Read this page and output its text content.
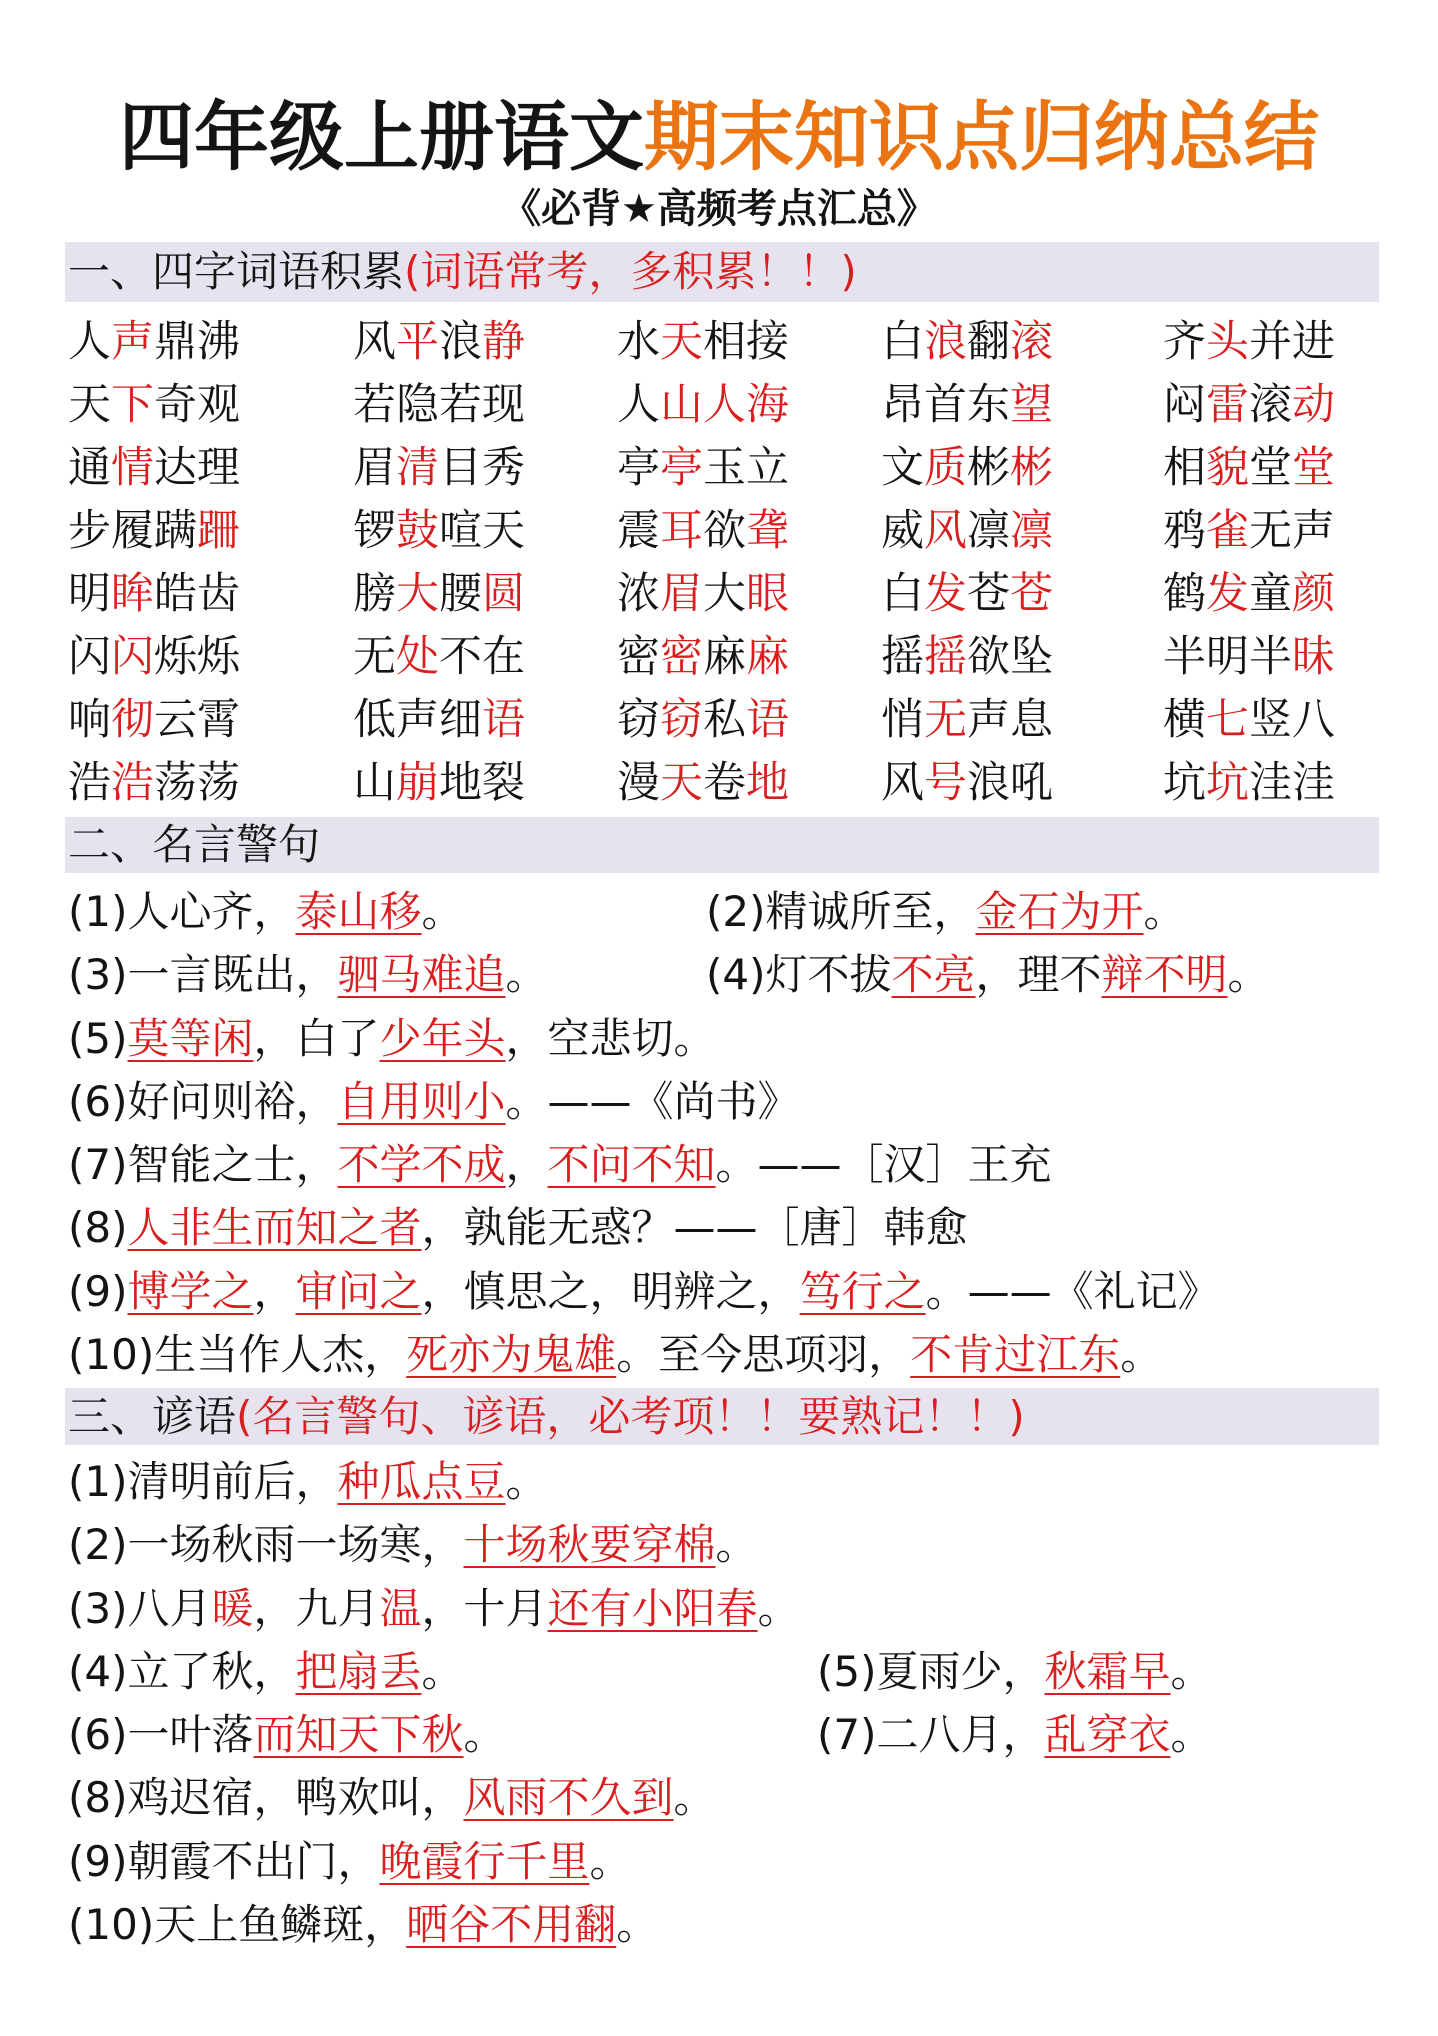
四年级上册语文期末知识点归纳总结
《必背★高频考点汇总》
一、四字词语积累(词语常考，多积累！！)
人声鼎沸	风平浪静	水天相接	白浪翻滚	齐头并进
天下奇观	若隐若现	人山人海	昂首东望	闷雷滚动
通情达理	眉清目秀	亭亭玉立	文质彬彬	相貌堂堂
步履蹒跚	锣鼓喧天	震耳欲聋	威风凛凛	鸦雀无声
明眸皓齿	膀大腰圆	浓眉大眼	白发苍苍	鹤发童颜
闪闪烁烁	无处不在	密密麻麻	摇摇欲坠	半明半昧
响彻云霄	低声细语	窃窃私语	悄无声息	横七竖八
浩浩荡荡	山崩地裂	漫天卷地	风号浪吼	坑坑洼洼
二、名言警句
(1)人心齐，泰山移。	(2)精诚所至，金石为开。
(3)一言既出，驷马难追。	(4)灯不拔不亮，理不辩不明。
(5)莫等闲，白了少年头，空悲切。
(6)好问则裕，自用则小。——《尚书》
(7)智能之士，不学不成，不问不知。——［汉］王充
(8)人非生而知之者，孰能无惑？——［唐］韩愈
(9)博学之，审问之，慎思之，明辨之，笃行之。——《礼记》
(10)生当作人杰，死亦为鬼雄。至今思项羽，不肯过江东。
三、谚语(名言警句、谚语，必考项！！要熟记！！)
(1)清明前后，种瓜点豆。
(2)一场秋雨一场寒，十场秋要穿棉。
(3)八月暖，九月温，十月还有小阳春。
(4)立了秋，把扇丢。	(5)夏雨少，秋霜早。
(6)一叶落而知天下秋。	(7)二八月，乱穿衣。
(8)鸡迟宿，鸭欢叫，风雨不久到。
(9)朝霞不出门，晚霞行千里。
(10)天上鱼鳞斑，晒谷不用翻。
